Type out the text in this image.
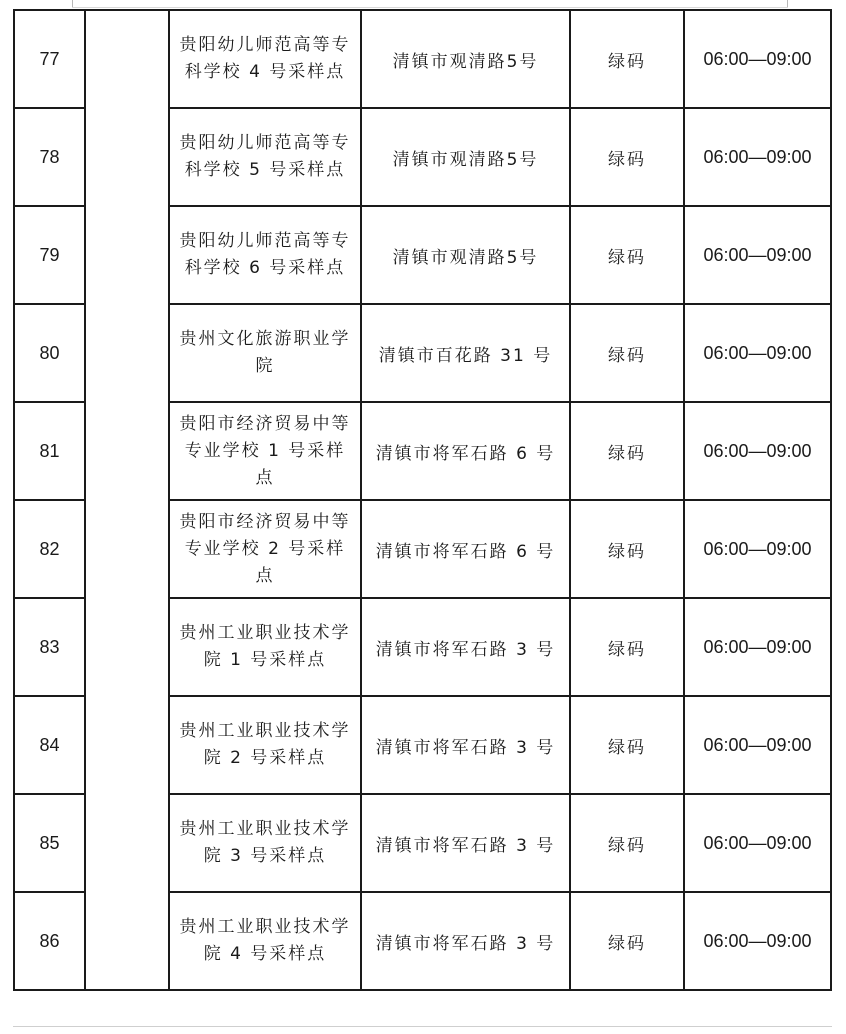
77		贵阳幼儿师范高等专科学校 4 号采样点	清镇市观清路5号	绿码	06:00—09:00
78		贵阳幼儿师范高等专科学校 5 号采样点	清镇市观清路5号	绿码	06:00—09:00
79		贵阳幼儿师范高等专科学校 6 号采样点	清镇市观清路5号	绿码	06:00—09:00
80		贵州文化旅游职业学院	清镇市百花路 31 号	绿码	06:00—09:00
81		贵阳市经济贸易中等专业学校 1 号采样点	清镇市将军石路 6 号	绿码	06:00—09:00
82		贵阳市经济贸易中等专业学校 2 号采样点	清镇市将军石路 6 号	绿码	06:00—09:00
83		贵州工业职业技术学院 1 号采样点	清镇市将军石路 3 号	绿码	06:00—09:00
84		贵州工业职业技术学院 2 号采样点	清镇市将军石路 3 号	绿码	06:00—09:00
85		贵州工业职业技术学院 3 号采样点	清镇市将军石路 3 号	绿码	06:00—09:00
86		贵州工业职业技术学院 4 号采样点	清镇市将军石路 3 号	绿码	06:00—09:00
